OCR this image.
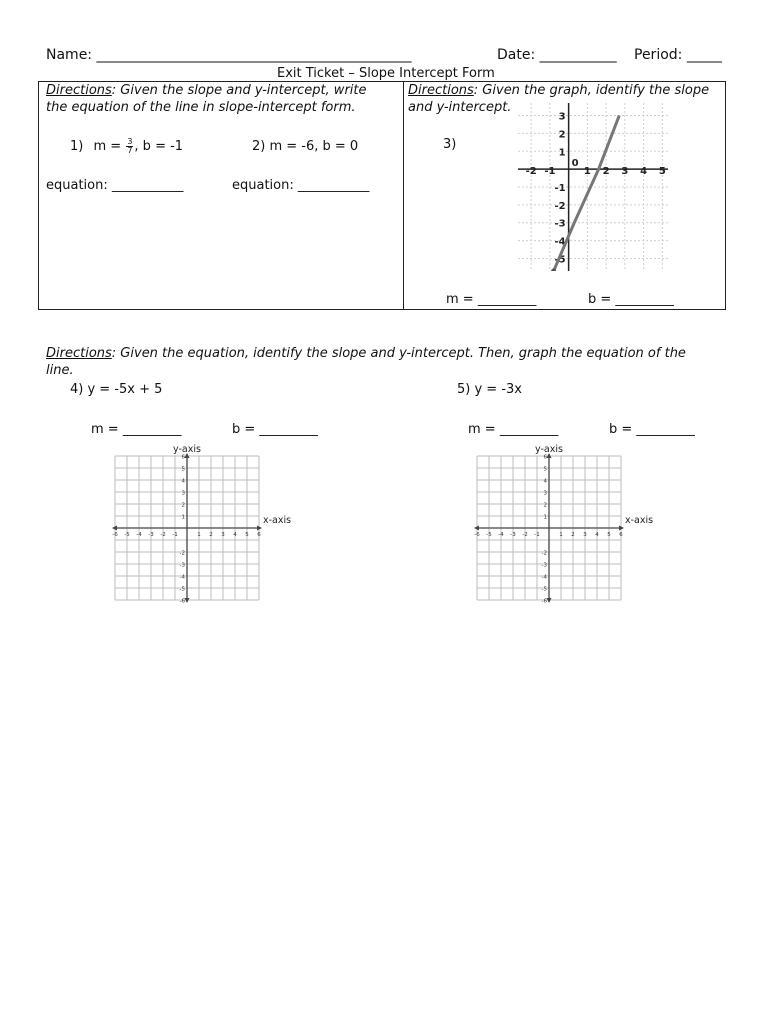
Name: _____________________________________________	Date: ___________ Period: _____
Exit Ticket – Slope Intercept Form
Directions: Given the slope and y-intercept, write
the equation of the line in slope-intercept form.
1) $m = \frac{3}{7}$ , b = -1	2) m = -6, b = 0
equation: ___________	equation: ___________
Directions: Given the graph, identify the slope
and y-intercept.
3)
-2 -1	1 2 3 4 5
3
2
1
-1
-2
-3
-4
-5
0
m = _________	b = _________
Directions: Given the equation, identify the slope and y-intercept. Then, graph the equation of the
line.
4) y = -5x + 5	5) y = -3x
m = _________	b = _________	m = _________	b = _________
-6 -5 -4 -3 -2 -1	1 2 3 4 5 6
6
5
4
3
2
1
-2
-3
-4
-5
-6
y-axis
x-axis
-6 -5 -4 -3 -2 -1	1 2 3 4 5 6
6
5
4
3
2
1
-2
-3
-4
-5
-6
y-axis
x-axis
